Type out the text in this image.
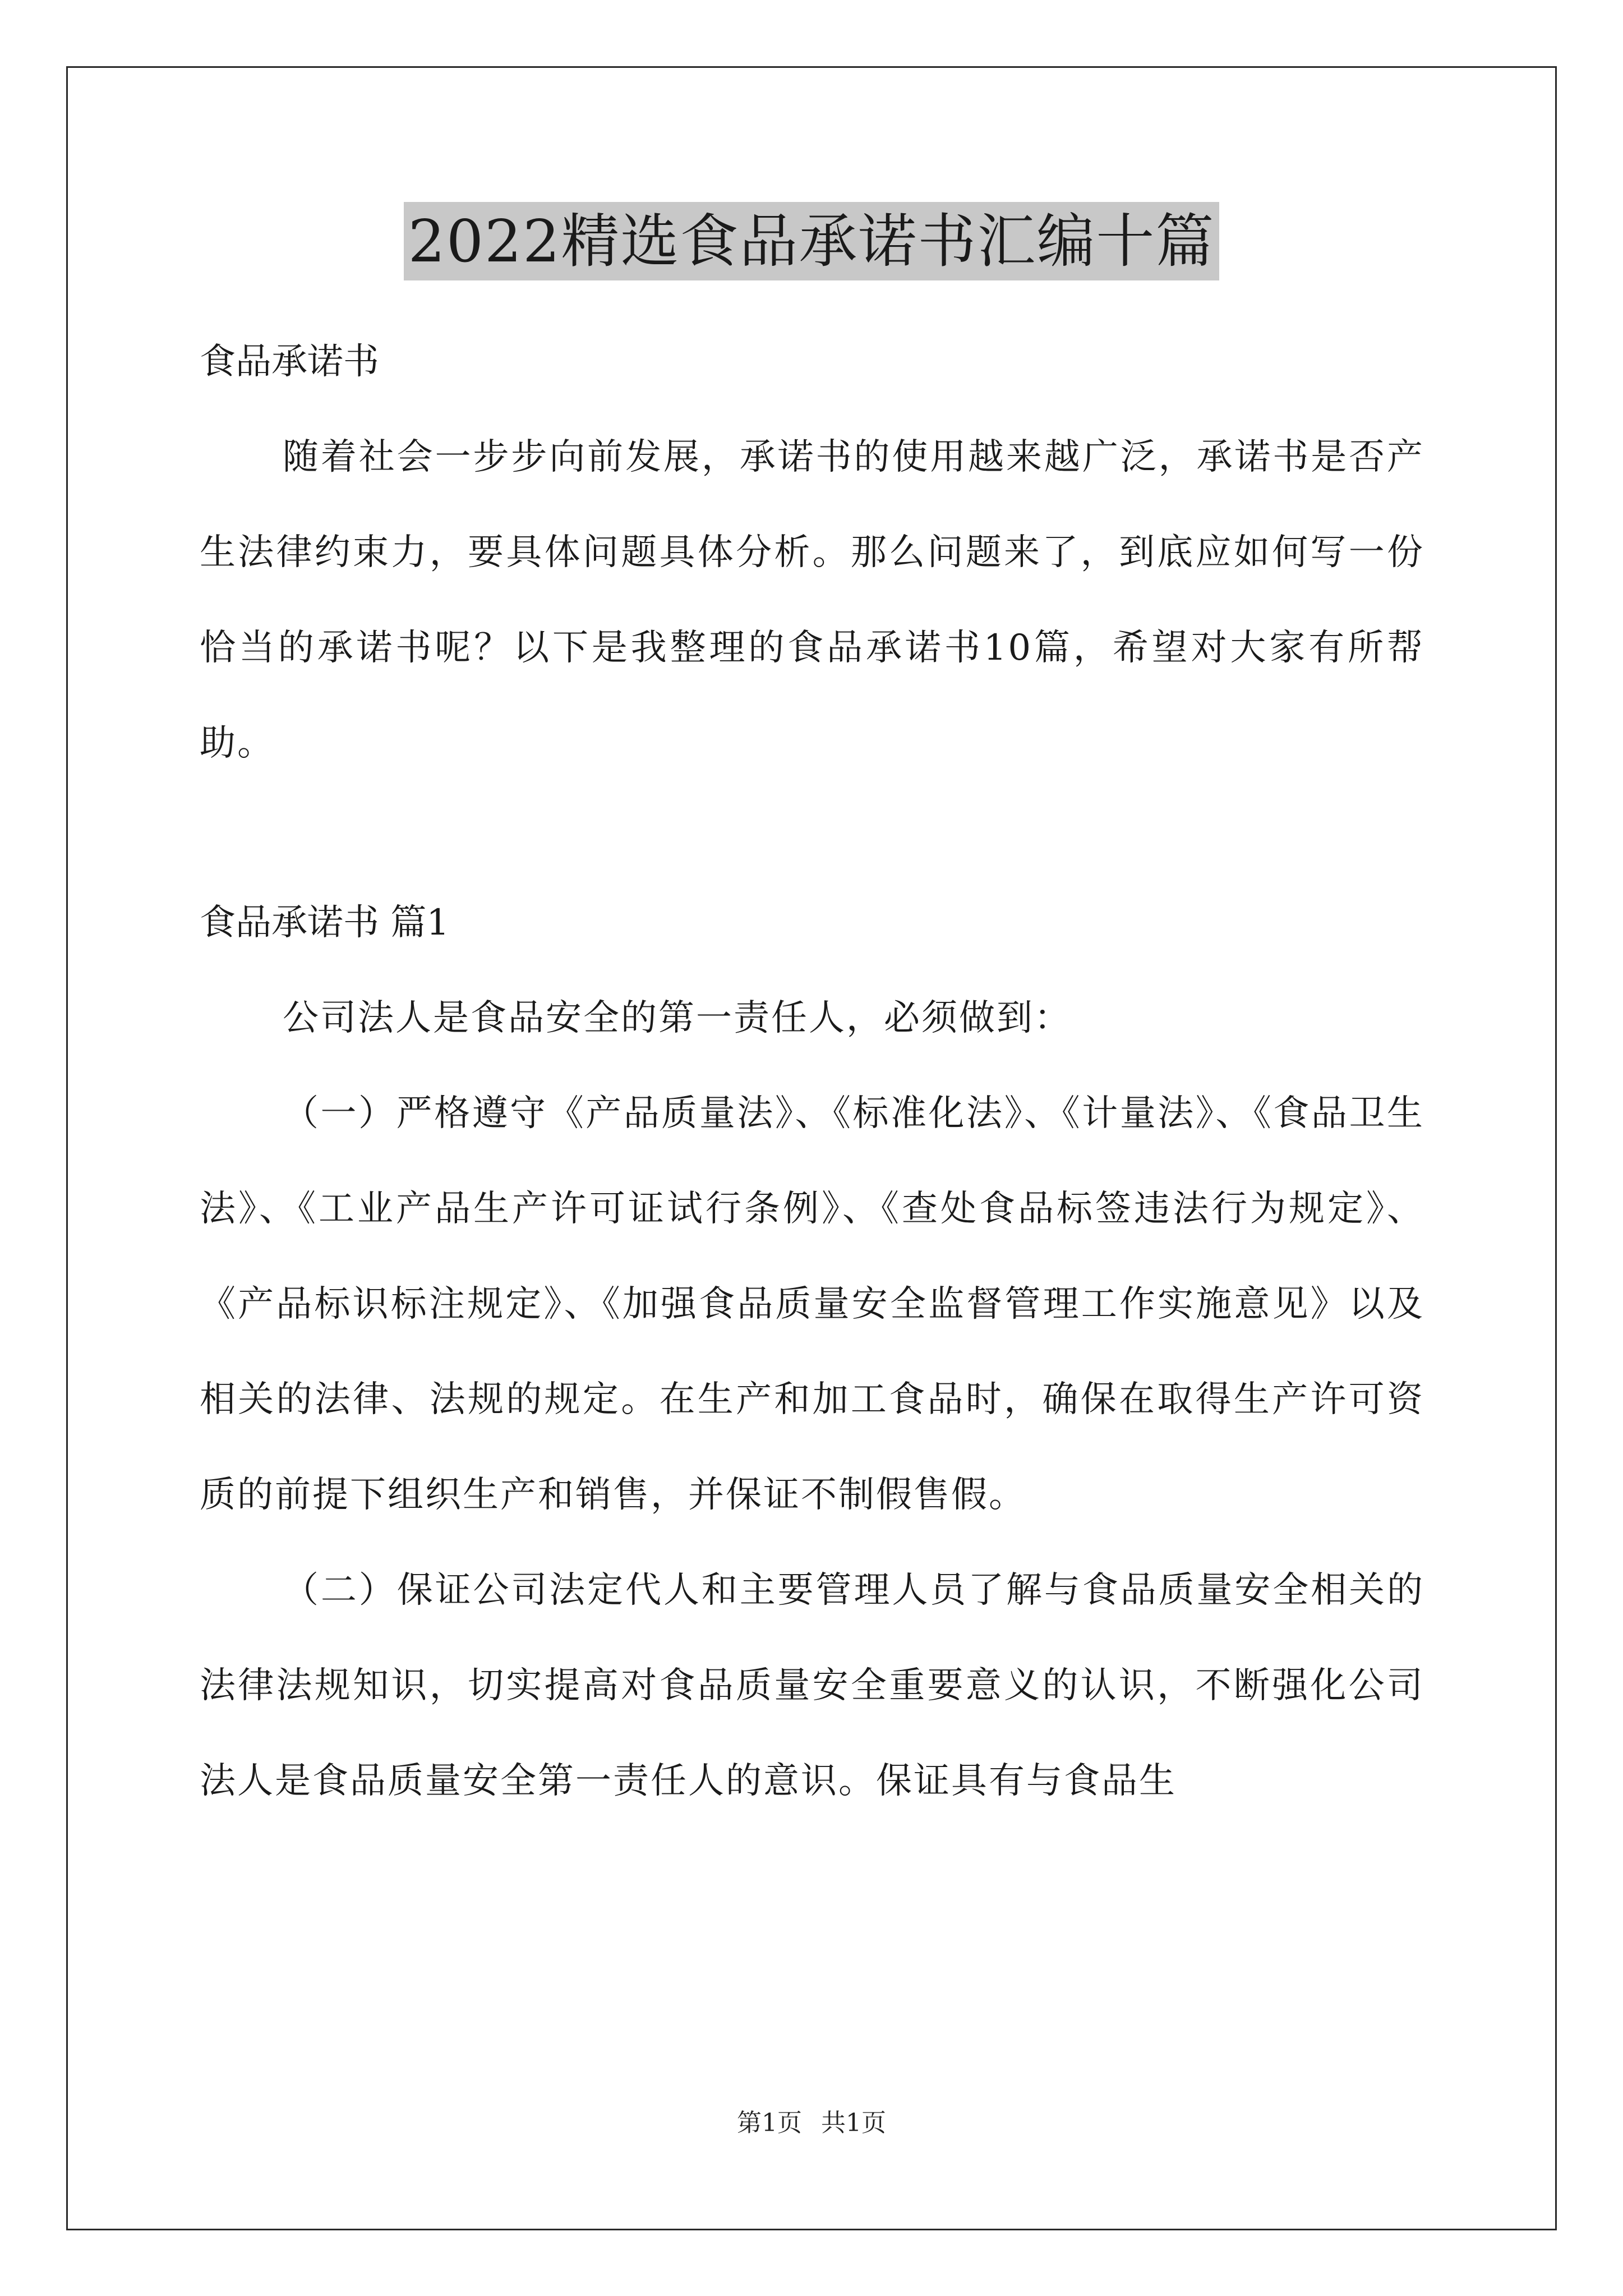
2022精选食品承诺书汇编十篇
食品承诺书

随着社会一步步向前发展，承诺书的使用越来越广泛，承诺书是否产生法律约束力，要具体问题具体分析。那么问题来了，到底应如何写一份恰当的承诺书呢？以下是我整理的食品承诺书10篇，希望对大家有所帮助。

食品承诺书 篇1

公司法人是食品安全的第一责任人，必须做到：

（一）严格遵守《产品质量法》、《标准化法》、《计量法》、《食品卫生法》、《工业产品生产许可证试行条例》、《查处食品标签违法行为规定》、《产品标识标注规定》、《加强食品质量安全监督管理工作实施意见》以及相关的法律、法规的规定。在生产和加工食品时，确保在取得生产许可资质的前提下组织生产和销售，并保证不制假售假。

（二）保证公司法定代人和主要管理人员了解与食品质量安全相关的法律法规知识，切实提高对食品质量安全重要意义的认识，不断强化公司法人是食品质量安全第一责任人的意识。保证具有与食品生

第1页 共1页
